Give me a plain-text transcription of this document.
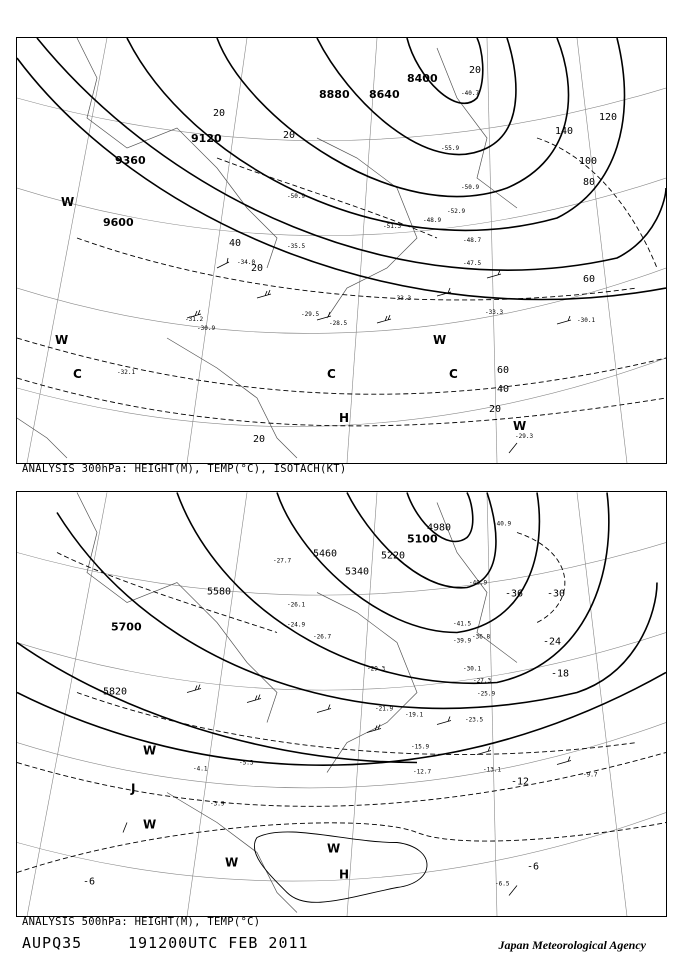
9600
9360
9120
8880 8640
8400
20
20
20
40
60
80
100
120
140
60
40
20
20
20
W
W
C	C	C
H
W
W
-31.2
-32.1
-30.9
-29.3
-33.3
-30.1
-47.5
-48.7
-48.9
-50.9
-55.9
-40.7
-52.9
-51.3
-50.9
-34.0
-35.5
-33.3
-29.5
-28.5
ANALYSIS 300hPa: HEIGHT(M), TEMP(°C), ISOTACH(KT)
5700
5820
5580
5460
5340
5220
5100
4980
-36 -30
-24
-18
-12
-6
-6
W
W
W
W
H
J
-41.5
-40.9
-30.1
-27.3
-25.9
-23.5
-21.9
-19.1
-15.9
-12.7	-13.1
-9.7
-6.5
-3.9
-4.1
-5.3
-26.7
-27.7
-26.1
-24.9
-29.3
-36.8
-40.9
-39.9
ANALYSIS 500hPa: HEIGHT(M), TEMP(°C)
AUPQ35	191200UTC FEB 2011	Japan Meteorological Agency
